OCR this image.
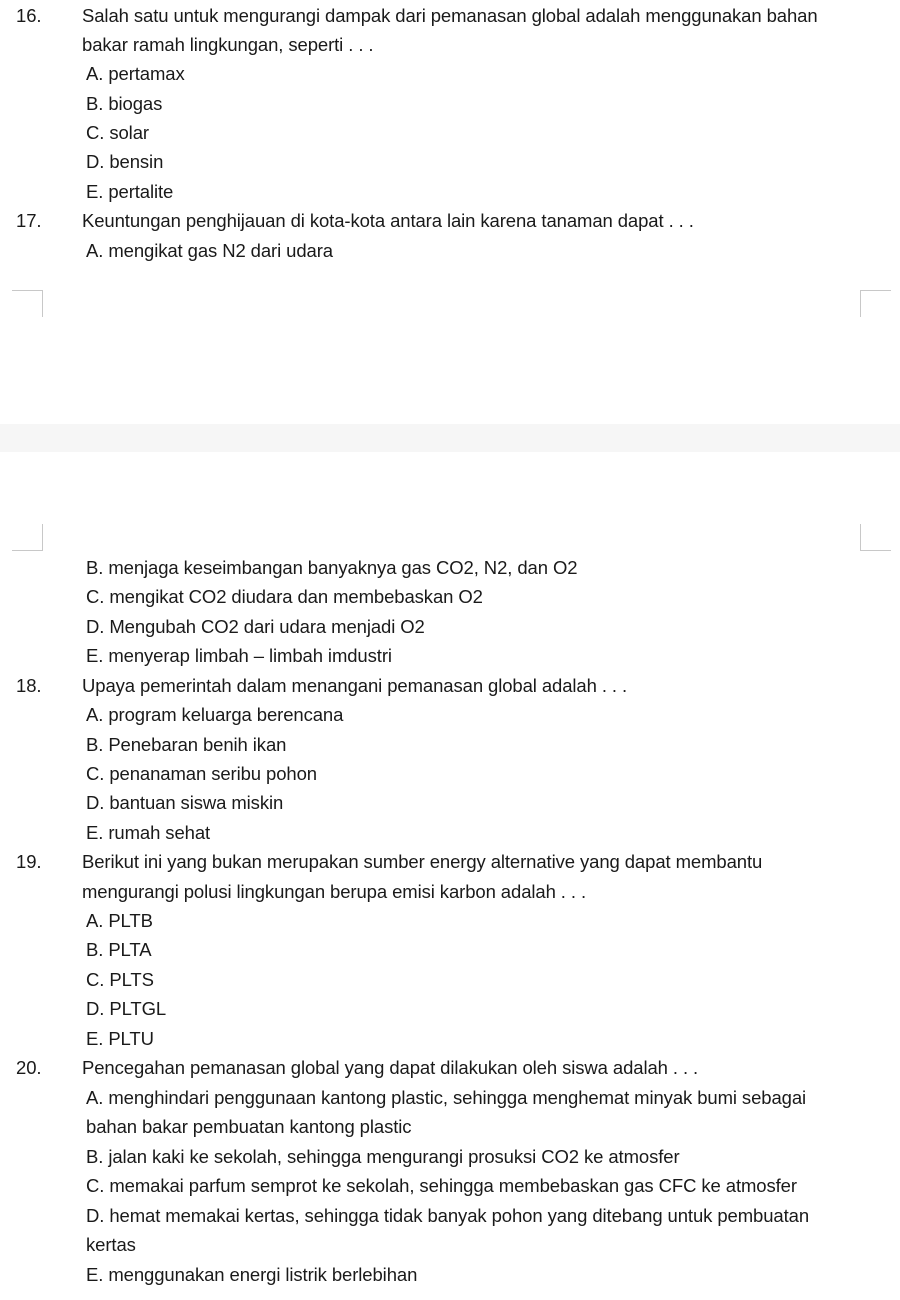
16. Salah satu untuk mengurangi dampak dari pemanasan global adalah menggunakan bahan
bakar ramah lingkungan, seperti . . .
A. pertamax
B. biogas
C. solar
D. bensin
E. pertalite
17. Keuntungan penghijauan di kota-kota antara lain karena tanaman dapat . . .
A. mengikat gas N2 dari udara
B. menjaga keseimbangan banyaknya gas CO2, N2, dan O2
C. mengikat CO2 diudara dan membebaskan O2
D. Mengubah CO2 dari udara menjadi O2
E. menyerap limbah – limbah imdustri
18. Upaya pemerintah dalam menangani pemanasan global adalah . . .
A. program keluarga berencana
B. Penebaran benih ikan
C. penanaman seribu pohon
D. bantuan siswa miskin
E. rumah sehat
19. Berikut ini yang bukan merupakan sumber energy alternative yang dapat membantu
mengurangi polusi lingkungan berupa emisi karbon adalah . . .
A. PLTB
B. PLTA
C. PLTS
D. PLTGL
E. PLTU
20. Pencegahan pemanasan global yang dapat dilakukan oleh siswa adalah . . .
A. menghindari penggunaan kantong plastic, sehingga menghemat minyak bumi sebagai
bahan bakar pembuatan kantong plastic
B. jalan kaki ke sekolah, sehingga mengurangi prosuksi CO2 ke atmosfer
C. memakai parfum semprot ke sekolah, sehingga membebaskan gas CFC ke atmosfer
D. hemat memakai kertas, sehingga tidak banyak pohon yang ditebang untuk pembuatan
kertas
E. menggunakan energi listrik berlebihan
